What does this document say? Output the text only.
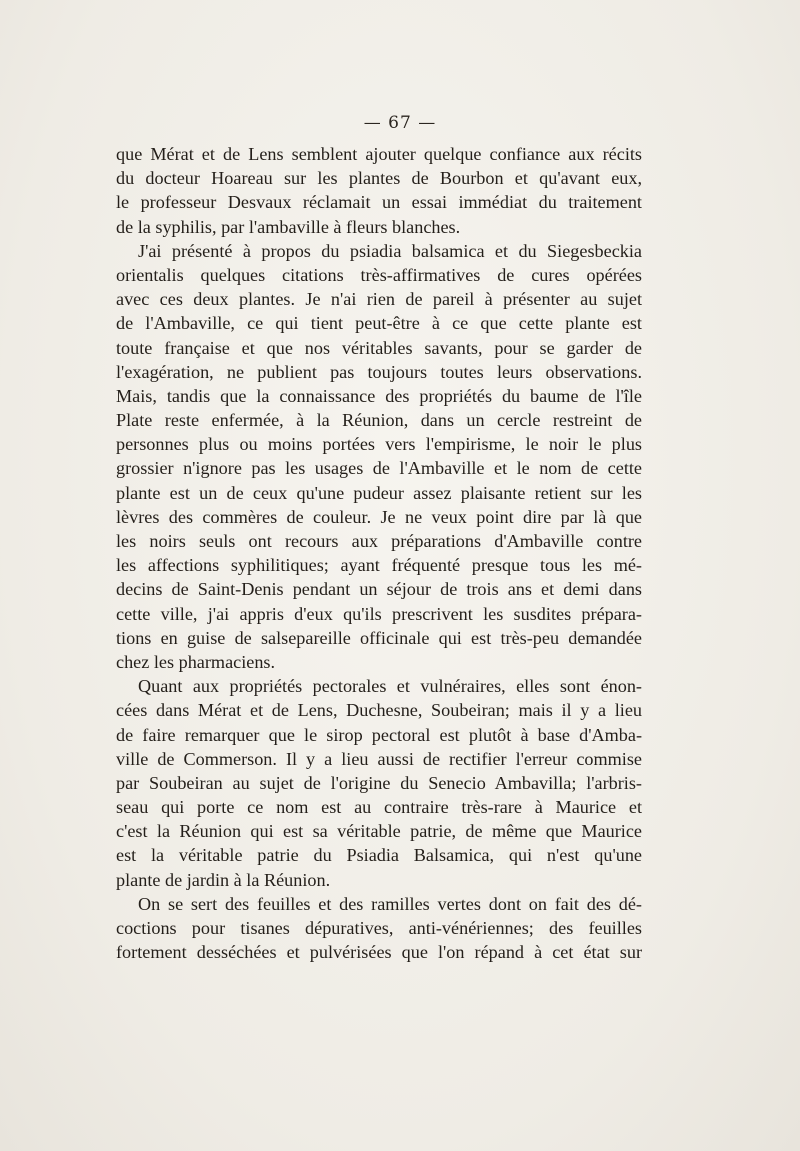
— 67 —
que Mérat et de Lens semblent ajouter quelque confiance aux récits
du docteur Hoareau sur les plantes de Bourbon et qu'avant eux,
le professeur Desvaux réclamait un essai immédiat du traitement
de la syphilis, par l'ambaville à fleurs blanches.
J'ai présenté à propos du psiadia balsamica et du Siegesbeckia
orientalis quelques citations très-affirmatives de cures opérées
avec ces deux plantes. Je n'ai rien de pareil à présenter au sujet
de l'Ambaville, ce qui tient peut-être à ce que cette plante est
toute française et que nos véritables savants, pour se garder de
l'exagération, ne publient pas toujours toutes leurs observations.
Mais, tandis que la connaissance des propriétés du baume de l'île
Plate reste enfermée, à la Réunion, dans un cercle restreint de
personnes plus ou moins portées vers l'empirisme, le noir le plus
grossier n'ignore pas les usages de l'Ambaville et le nom de cette
plante est un de ceux qu'une pudeur assez plaisante retient sur les
lèvres des commères de couleur. Je ne veux point dire par là que
les noirs seuls ont recours aux préparations d'Ambaville contre
les affections syphilitiques; ayant fréquenté presque tous les mé-
decins de Saint-Denis pendant un séjour de trois ans et demi dans
cette ville, j'ai appris d'eux qu'ils prescrivent les susdites prépara-
tions en guise de salsepareille officinale qui est très-peu demandée
chez les pharmaciens.
Quant aux propriétés pectorales et vulnéraires, elles sont énon-
cées dans Mérat et de Lens, Duchesne, Soubeiran; mais il y a lieu
de faire remarquer que le sirop pectoral est plutôt à base d'Amba-
ville de Commerson. Il y a lieu aussi de rectifier l'erreur commise
par Soubeiran au sujet de l'origine du Senecio Ambavilla; l'arbris-
seau qui porte ce nom est au contraire très-rare à Maurice et
c'est la Réunion qui est sa véritable patrie, de même que Maurice
est la véritable patrie du Psiadia Balsamica, qui n'est qu'une
plante de jardin à la Réunion.
On se sert des feuilles et des ramilles vertes dont on fait des dé-
coctions pour tisanes dépuratives, anti-vénériennes; des feuilles
fortement desséchées et pulvérisées que l'on répand à cet état sur
